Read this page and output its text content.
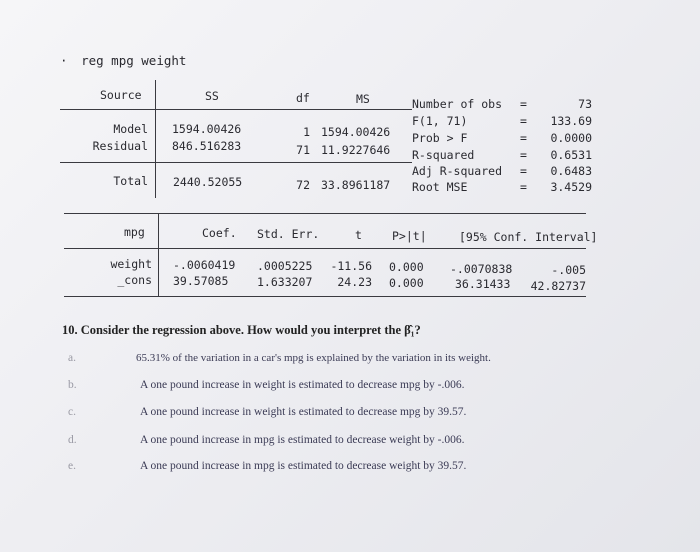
· reg mpg weight
Source	SS	df	MS
Model 1594.00426	1 1594.00426
Residual 846.516283	71 11.9227646
Total 2440.52055	72 33.8961187
Number of obs =	73
F(1, 71)	=	133.69
Prob > F	=	0.0000
R-squared	=	0.6531
Adj R-squared =	0.6483
Root MSE	=	3.4529
mpg	Coef. Std. Err.	t	P>|t|	[95% Conf. Interval]
weight -.0060419 .0005225	-11.56 0.000 -.0070838	-.005
_cons 39.57085 1.633207	24.23 0.000	36.31433 42.82737
10. Consider the regression above. How would you interpret the β̂₁?
a.	65.31% of the variation in a car's mpg is explained by the variation in its weight.
b.	A one pound increase in weight is estimated to decrease mpg by -.006.
c.	A one pound increase in weight is estimated to decrease mpg by 39.57.
d.	A one pound increase in mpg is estimated to decrease weight by -.006.
e.	A one pound increase in mpg is estimated to decrease weight by 39.57.
